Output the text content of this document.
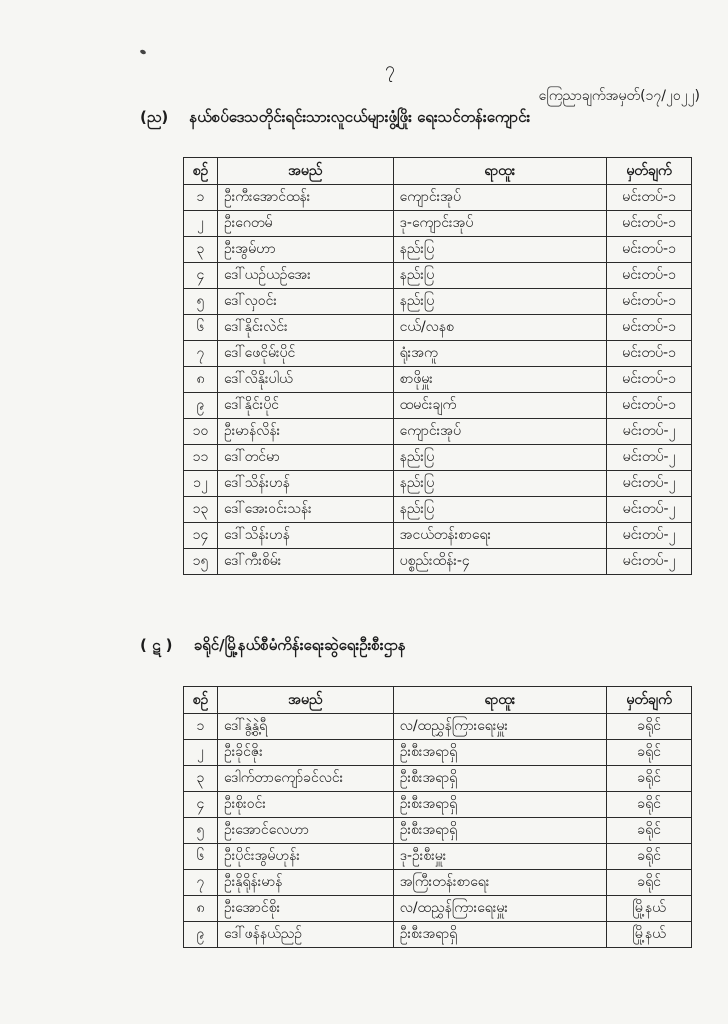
၇
ကြေညာချက်အမှတ်(၁၇/၂၀၂၂)
(ည) နယ်စပ်ဒေသတိုင်းရင်းသားလူငယ်များဖွံ့ဖြိုး ရေးသင်တန်းကျောင်း
စဉ်	အမည်	ရာထူး	မှတ်ချက်
၁	ဦးကီးအောင်ထန်း	ကျောင်းအုပ်	မင်းတပ်-၁
၂	ဦးဂေတမ်	ဒု-ကျောင်းအုပ်	မင်းတပ်-၁
၃	ဦးအွမ်ဟာ	နည်းပြ	မင်းတပ်-၁
၄	ဒေါ်ယဉ်ယဉ်အေး	နည်းပြ	မင်းတပ်-၁
၅	ဒေါ်လှဝင်း	နည်းပြ	မင်းတပ်-၁
၆	ဒေါ်နိုင်းလဲင်း	ငယ်/လနစ	မင်းတပ်-၁
၇	ဒေါ်ဖေငိုမ်းပိုင်	ရုံးအကူ	မင်းတပ်-၁
၈	ဒေါ်လိနိုးပါယ်	စာဖိုမှူး	မင်းတပ်-၁
၉	ဒေါ်နိုင်းပိုင်	ထမင်းချက်	မင်းတပ်-၁
၁၀	ဦးမာန်လိန်း	ကျောင်းအုပ်	မင်းတပ်-၂
၁၁	ဒေါ်တင်မာ	နည်းပြ	မင်းတပ်-၂
၁၂	ဒေါ်သိန်းဟန်	နည်းပြ	မင်းတပ်-၂
၁၃	ဒေါ်အေးဝင်းသန်း	နည်းပြ	မင်းတပ်-၂
၁၄	ဒေါ်သိန်းဟန်	အငယ်တန်းစာရေး	မင်းတပ်-၂
၁၅	ဒေါ်ကီးစိမ်း	ပစ္စည်းထိန်း-၄	မင်းတပ်-၂
( ဋ ) ခရိုင်/မြို့နယ်စီမံကိန်းရေးဆွဲရေးဦးစီးဌာန
စဉ်	အမည်	ရာထူး	မှတ်ချက်
၁	ဒေါ်နွဲ့နွဲ့ရီ	လ/ထညွှန်ကြားရေးမှူး	ခရိုင်
၂	ဦးခိုင်ဇိုး	ဦးစီးအရာရှိ	ခရိုင်
၃	ဒေါက်တာကျော်ခင်လင်း	ဦးစီးအရာရှိ	ခရိုင်
၄	ဦးစိုးဝင်း	ဦးစီးအရာရှိ	ခရိုင်
၅	ဦးအောင်လေဟာ	ဦးစီးအရာရှိ	ခရိုင်
၆	ဦးပိုင်းအွမ်ဟုန်း	ဒု-ဦးစီးမှူး	ခရိုင်
၇	ဦးနိုရိုန်းမာန်	အကြီးတန်းစာရေး	ခရိုင်
၈	ဦးအောင်စိုး	လ/ထညွှန်ကြားရေးမှူး	မြို့နယ်
၉	ဒေါ်ဖန်နယ်ညဉ်	ဦးစီးအရာရှိ	မြို့နယ်
